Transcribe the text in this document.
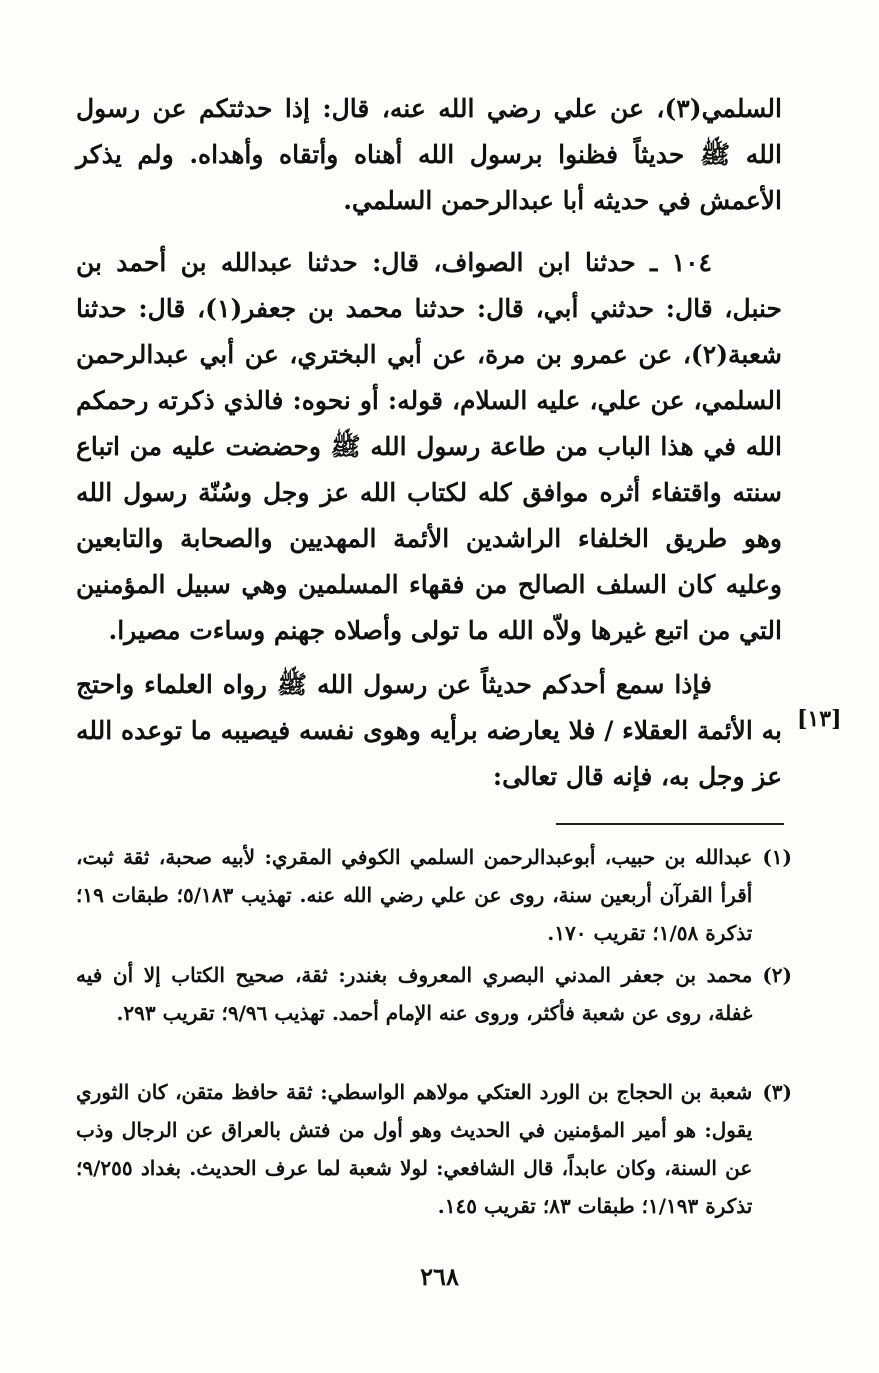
السلمي(٣)، عن علي رضي الله عنه، قال: إذا حدثتكم عن رسول الله ﷺ حديثاً فظنوا برسول الله أهناه وأتقاه وأهداه. ولم يذكر الأعمش في حديثه أبا عبدالرحمن السلمي.

١٠٤ ـ حدثنا ابن الصواف، قال: حدثنا عبدالله بن أحمد بن حنبل، قال: حدثني أبي، قال: حدثنا محمد بن جعفر(١)، قال: حدثنا شعبة(٢)، عن عمرو بن مرة، عن أبي البختري، عن أبي عبدالرحمن السلمي، عن علي، عليه السلام، قوله: أو نحوه: فالذي ذكرته رحمكم الله في هذا الباب من طاعة رسول الله ﷺ وحضضت عليه من اتباع سنته واقتفاء أثره موافق كله لكتاب الله عز وجل وسُنّة رسول الله وهو طريق الخلفاء الراشدين الأئمة المهديين والصحابة والتابعين وعليه كان السلف الصالح من فقهاء المسلمين وهي سبيل المؤمنين التي من اتبع غيرها ولاّه الله ما تولى وأصلاه جهنم وساءت مصيرا.

فإذا سمع أحدكم حديثاً عن رسول الله ﷺ رواه العلماء واحتج به الأئمة العقلاء / فلا يعارضه برأيه وهوى نفسه فيصيبه ما توعده الله عز وجل به، فإنه قال تعالى:

[١٣]
(١)
عبدالله بن حبيب، أبوعبدالرحمن السلمي الكوفي المقري: لأبيه صحبة، ثقة ثبت، أقرأ القرآن أربعين سنة، روى عن علي رضي الله عنه. تهذيب ٥/١٨٣؛ طبقات ١٩؛ تذكرة ١/٥٨؛ تقريب ١٧٠.
(٢)
محمد بن جعفر المدني البصري المعروف بغندر: ثقة، صحيح الكتاب إلا أن فيه غفلة، روى عن شعبة فأكثر، وروى عنه الإمام أحمد. تهذيب ٩/٩٦؛ تقريب ٢٩٣.
(٣)
شعبة بن الحجاج بن الورد العتكي مولاهم الواسطي: ثقة حافظ متقن، كان الثوري يقول: هو أمير المؤمنين في الحديث وهو أول من فتش بالعراق عن الرجال وذب عن السنة، وكان عابداً، قال الشافعي: لولا شعبة لما عرف الحديث. بغداد ٩/٢٥٥؛ تذكرة ١/١٩٣؛ طبقات ٨٣؛ تقريب ١٤٥.
٢٦٨
